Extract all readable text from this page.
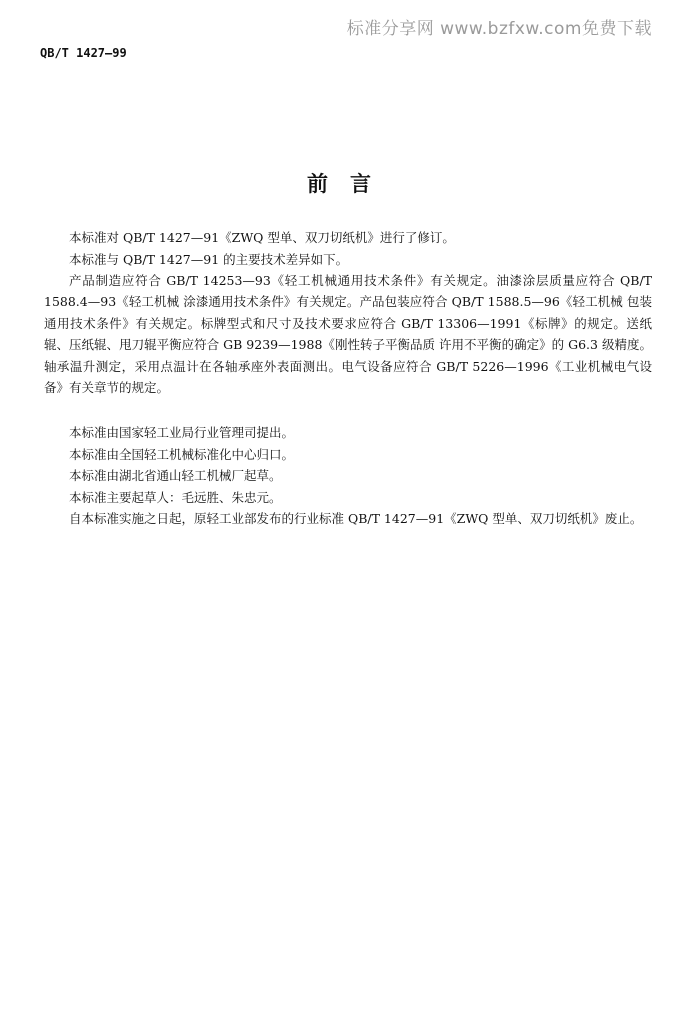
标准分享网 www.bzfxw.com免费下载
QB/T 1427—99
前言

本标准对 QB/T 1427—91《ZWQ 型单、双刀切纸机》进行了修订。

本标准与 QB/T 1427—91 的主要技术差异如下。

产品制造应符合 GB/T 14253—93《轻工机械通用技术条件》有关规定。油漆涂层质量应符合 QB/T 1588.4—93《轻工机械 涂漆通用技术条件》有关规定。产品包装应符合 QB/T 1588.5—96《轻工机械 包装通用技术条件》有关规定。标牌型式和尺寸及技术要求应符合 GB/T 13306—1991《标牌》的规定。送纸辊、压纸辊、甩刀辊平衡应符合 GB 9239—1988《刚性转子平衡品质 许用不平衡的确定》的 G6.3 级精度。轴承温升测定，采用点温计在各轴承座外表面测出。电气设备应符合 GB/T 5226—1996《工业机械电气设备》有关章节的规定。

本标准由国家轻工业局行业管理司提出。

本标准由全国轻工机械标准化中心归口。

本标准由湖北省通山轻工机械厂起草。

本标准主要起草人：毛远胜、朱忠元。

自本标准实施之日起，原轻工业部发布的行业标准 QB/T 1427—91《ZWQ 型单、双刀切纸机》废止。
